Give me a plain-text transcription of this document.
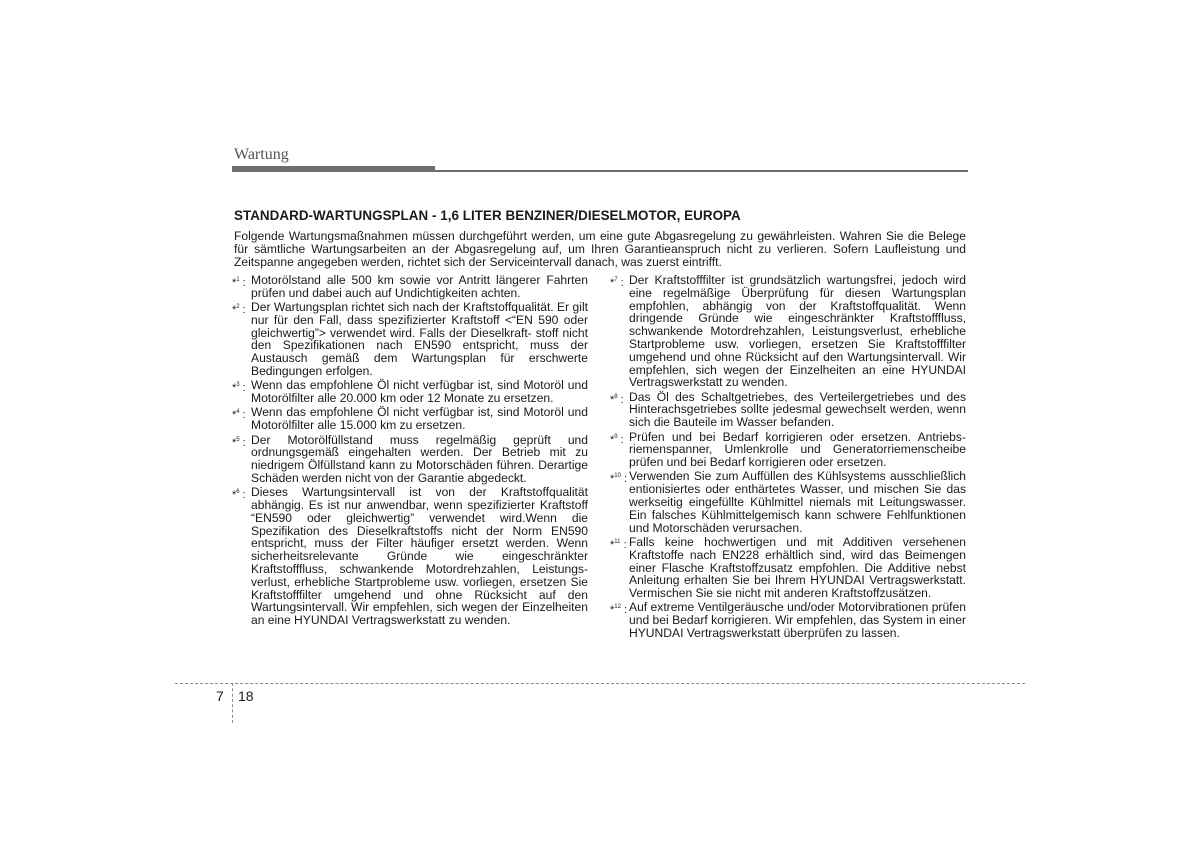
Wartung
STANDARD-WARTUNGSPLAN - 1,6 LITER BENZINER/DIESELMOTOR, EUROPA
Folgende Wartungsmaßnahmen müssen durchgeführt werden, um eine gute Abgasregelung zu gewährleisten. Wahren Sie die Belege für sämtliche Wartungsarbeiten an der Abgasregelung auf, um Ihren Garantieanspruch nicht zu verlieren. Sofern Laufleistung und Zeitspanne angegeben werden, richtet sich der Serviceintervall danach, was zuerst eintrifft.
*$^1$ : Motorölstand alle 500 km sowie vor Antritt längerer Fahrten prüfen und dabei auch auf Undichtigkeiten achten.
*$^2$ : Der Wartungsplan richtet sich nach der Kraftstoffqualität. Er gilt nur für den Fall, dass spezifizierter Kraftstoff <“EN 590 oder gleichwertig”> verwendet wird. Falls der Dieselkraft- stoff nicht den Spezifikationen nach EN590 entspricht, muss der Austausch gemäß dem Wartungsplan für erschwerte Bedingungen erfolgen.
*$^3$ : Wenn das empfohlene Öl nicht verfügbar ist, sind Motoröl und Motorölfilter alle 20.000 km oder 12 Monate zu ersetzen.
*$^4$ : Wenn das empfohlene Öl nicht verfügbar ist, sind Motoröl und Motorölfilter alle 15.000 km zu ersetzen.
*$^5$ : Der Motorölfüllstand muss regelmäßig geprüft und ordnungsgemäß eingehalten werden. Der Betrieb mit zu niedrigem Ölfüllstand kann zu Motorschäden führen. Derartige Schäden werden nicht von der Garantie abgedeckt.
*$^6$ : Dieses Wartungsintervall ist von der Kraftstoffqualität abhängig. Es ist nur anwendbar, wenn spezifizierter Kraftstoff “EN590 oder gleichwertig” verwendet wird.Wenn die Spezifikation des Dieselkraftstoffs nicht der Norm EN590 entspricht, muss der Filter häufiger ersetzt werden. Wenn sicherheitsrelevante Gründe wie eingeschränkter Kraftstofffluss, schwankende Motordrehzahlen, Leistungs- verlust, erhebliche Startprobleme usw. vorliegen, ersetzen Sie Kraftstofffilter umgehend und ohne Rücksicht auf den Wartungsintervall. Wir empfehlen, sich wegen der Einzelheiten an eine HYUNDAI Vertragswerkstatt zu wenden.
*$^7$ : Der Kraftstofffilter ist grundsätzlich wartungsfrei, jedoch wird eine regelmäßige Überprüfung für diesen Wartungsplan empfohlen, abhängig von der Kraftstoffqualität. Wenn dringende Gründe wie eingeschränkter Kraftstofffluss, schwankende Motordrehzahlen, Leistungsverlust, erhebliche Startprobleme usw. vorliegen, ersetzen Sie Kraftstofffilter umgehend und ohne Rücksicht auf den Wartungsintervall. Wir empfehlen, sich wegen der Einzelheiten an eine HYUNDAI Vertragswerkstatt zu wenden.
*$^8$ : Das Öl des Schaltgetriebes, des Verteilergetriebes und des Hinterachsgetriebes sollte jedesmal gewechselt werden, wenn sich die Bauteile im Wasser befanden.
*$^9$ : Prüfen und bei Bedarf korrigieren oder ersetzen. Antriebs- riemenspanner, Umlenkrolle und Generatorriemenscheibe prüfen und bei Bedarf korrigieren oder ersetzen.
*$^{10}$ : Verwenden Sie zum Auffüllen des Kühlsystems ausschließlich entionisiertes oder enthärtetes Wasser, und mischen Sie das werkseitig eingefüllte Kühlmittel niemals mit Leitungswasser. Ein falsches Kühlmittelgemisch kann schwere Fehlfunktionen und Motorschäden verursachen.
*$^{11}$ : Falls keine hochwertigen und mit Additiven versehenen Kraftstoffe nach EN228 erhältlich sind, wird das Beimengen einer Flasche Kraftstoffzusatz empfohlen. Die Additive nebst Anleitung erhalten Sie bei Ihrem HYUNDAI Vertragswerkstatt. Vermischen Sie sie nicht mit anderen Kraftstoffzusätzen.
*$^{12}$ : Auf extreme Ventilgeräusche und/oder Motorvibrationen prüfen und bei Bedarf korrigieren. Wir empfehlen, das System in einer HYUNDAI Vertragswerkstatt überprüfen zu lassen.
7 18
